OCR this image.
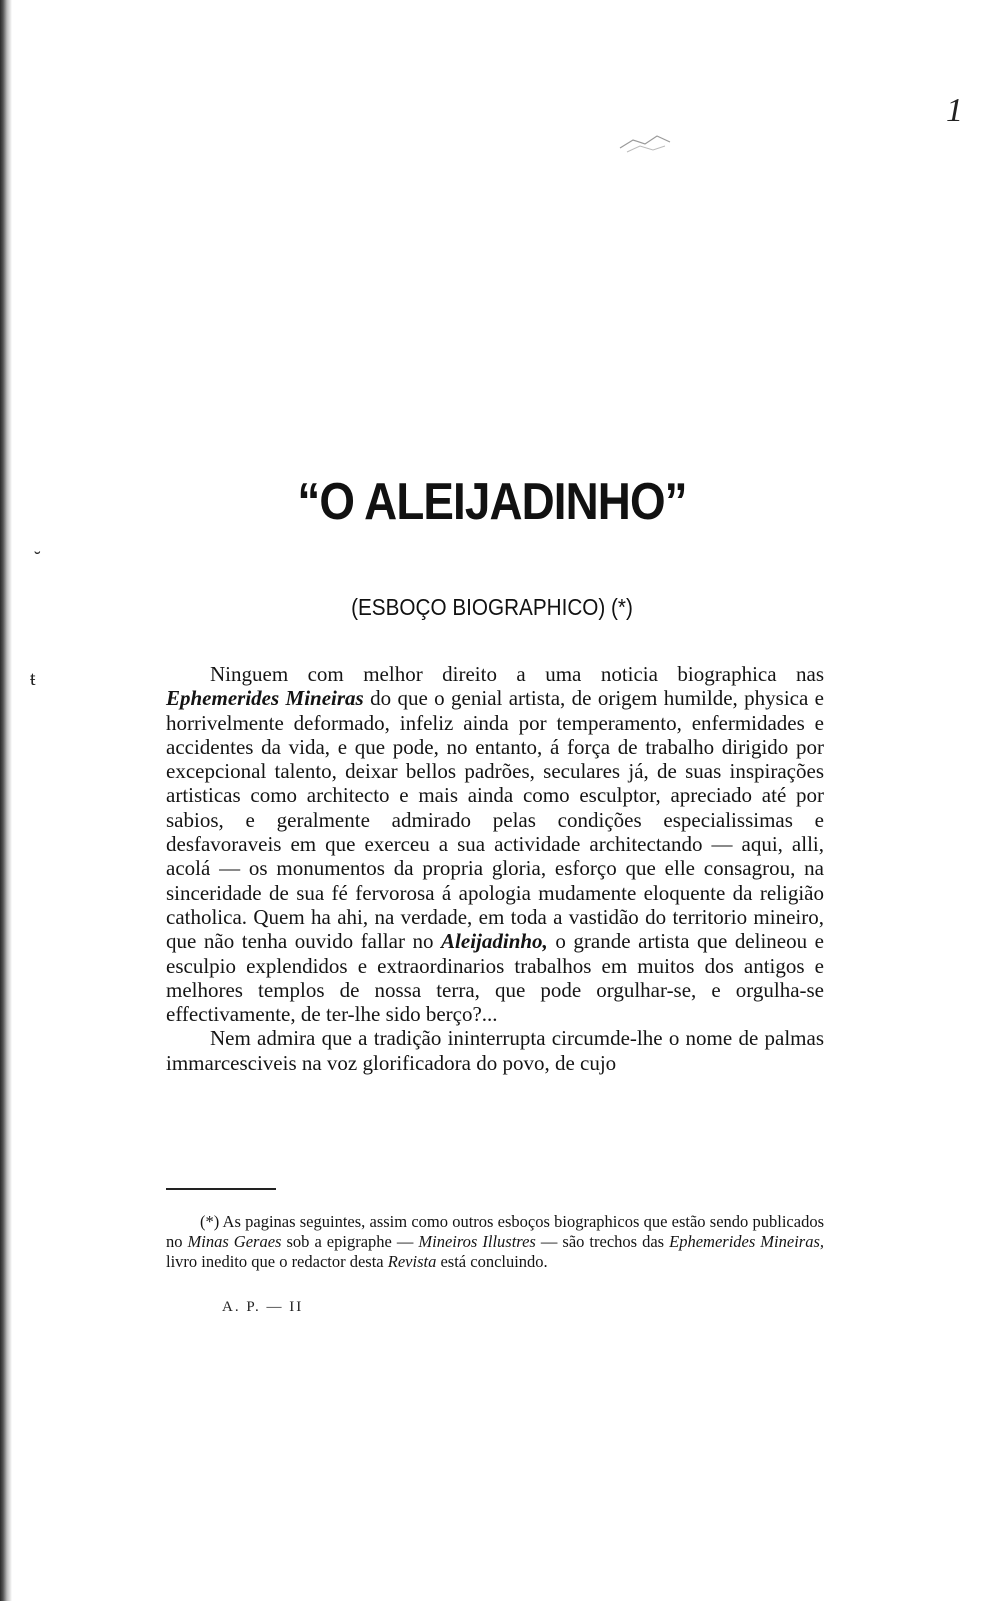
1
˘
ŧ
“O ALEIJADINHO”
(ESBOÇO BIOGRAPHICO) (*)

Ninguem com melhor direito a uma noticia biographica nas Ephemerides Mineiras do que o genial artista, de origem humilde, physica e horrivelmente deformado, infeliz ainda por temperamento, enfermidades e accidentes da vida, e que pode, no entanto, á força de trabalho dirigido por excepcional talento, deixar bellos padrões, seculares já, de suas inspirações artisticas como architecto e mais ainda como esculptor, apreciado até por sabios, e geralmente admirado pelas condições especialissimas e desfavoraveis em que exerceu a sua actividade architectando — aqui, alli, acolá — os monumentos da propria gloria, esforço que elle consagrou, na sinceridade de sua fé fervorosa á apologia mudamente eloquente da religião catholica. Quem ha ahi, na verdade, em toda a vastidão do territorio mineiro, que não tenha ouvido fallar no Aleijadinho, o grande artista que delineou e esculpio explendidos e extraordinarios trabalhos em muitos dos antigos e melhores templos de nossa terra, que pode orgulhar-se, e orgulha-se effectivamente, de ter-lhe sido berço?...

Nem admira que a tradição ininterrupta circumde-lhe o nome de palmas immarcesciveis na voz glorificadora do povo, de cujo

(*) As paginas seguintes, assim como outros esboços biographicos que estão sendo publicados no Minas Geraes sob a epigraphe — Mineiros Illustres — são trechos das Ephemerides Mineiras, livro inedito que o redactor desta Revista está concluindo.

A. P. — II
